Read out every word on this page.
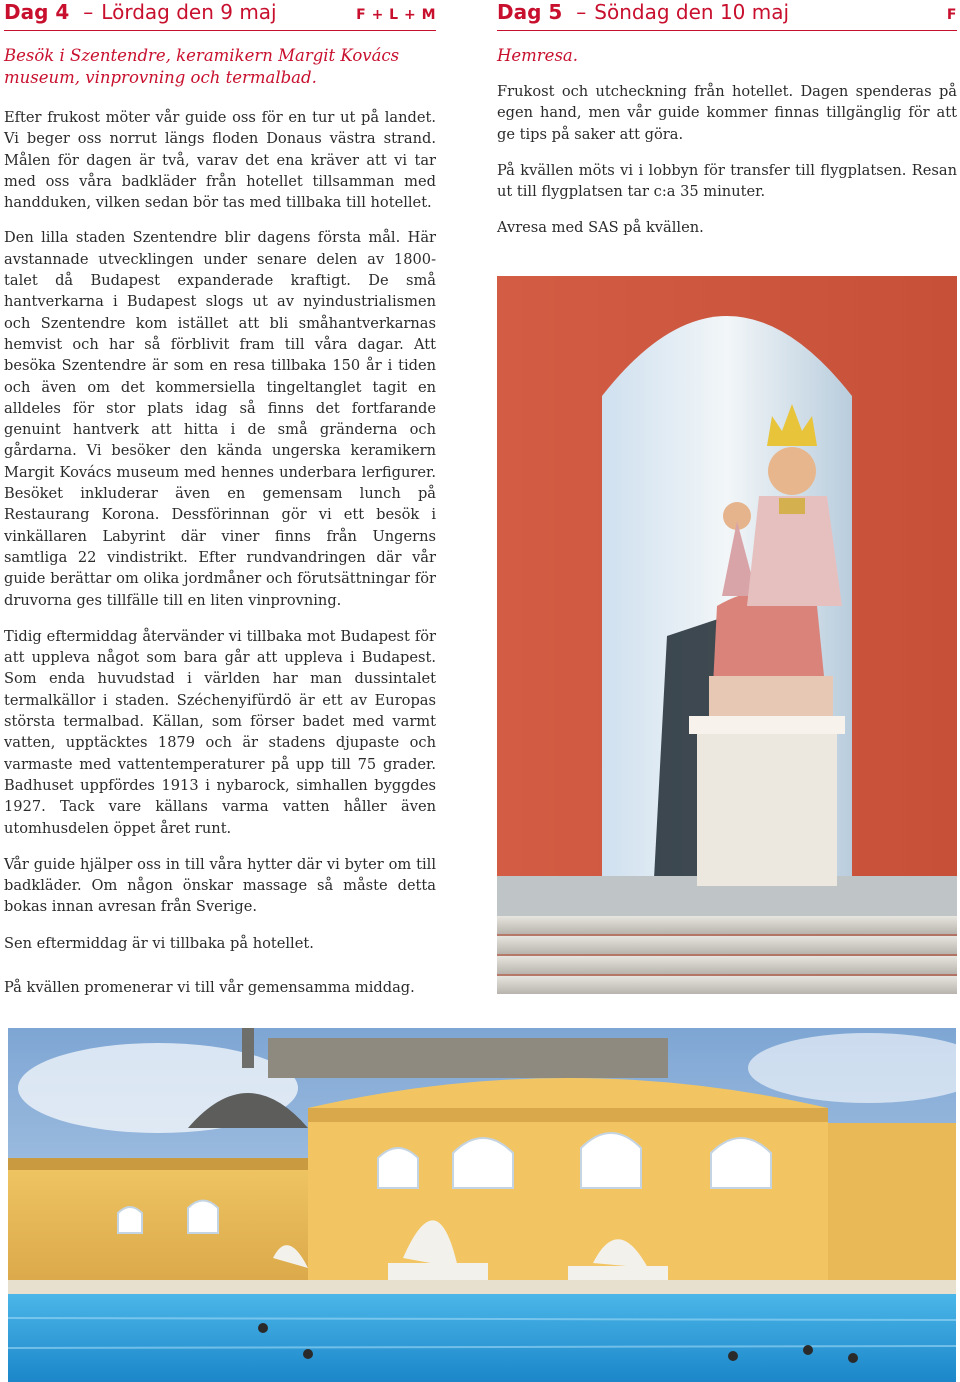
Dag 4 – Lördag den 9 maj	F + L + M

Besök i Szentendre, keramikern Margit Kovács museum, vinprovning och termalbad.

Efter frukost möter vår guide oss för en tur ut på landet. Vi beger oss norrut längs floden Donaus västra strand. Målen för dagen är två, varav det ena kräver att vi tar med oss våra badkläder från hotellet tillsamman med handduken, vilken sedan bör tas med tillbaka till hotellet.

Den lilla staden Szentendre blir dagens första mål. Här avstannade utvecklingen under senare delen av 1800-talet då Budapest expanderade kraftigt. De små hantverkarna i Budapest slogs ut av nyindustrialismen och Szentendre kom istället att bli småhantverkarnas hemvist och har så förblivit fram till våra dagar. Att besöka Szentendre är som en resa tillbaka 150 år i tiden och även om det kommersiella tingeltanglet tagit en alldeles för stor plats idag så finns det fortfarande genuint hantverk att hitta i de små gränderna och gårdarna. Vi besöker den kända ungerska keramikern Margit Kovács museum med hennes underbara lerfigurer. Besöket inkluderar även en gemensam lunch på Restaurang Korona. Dessförinnan gör vi ett besök i vinkällaren Labyrint där viner finns från Ungerns samtliga 22 vindistrikt. Efter rundvandringen där vår guide berättar om olika jordmåner och förutsättningar för druvorna ges tillfälle till en liten vinprovning.

Tidig eftermiddag återvänder vi tillbaka mot Budapest för att uppleva något som bara går att uppleva i Budapest. Som enda huvudstad i världen har man dussintalet termalkällor i staden. Széchenyifürdö är ett av Europas största termalbad. Källan, som förser badet med varmt vatten, upptäcktes 1879 och är stadens djupaste och varmaste med vattentemperaturer på upp till 75 grader. Badhuset uppfördes 1913 i nybarock, simhallen byggdes 1927. Tack vare källans varma vatten håller även utomhusdelen öppet året runt.

Vår guide hjälper oss in till våra hytter där vi byter om till badkläder. Om någon önskar massage så måste detta bokas innan avresan från Sverige.

Sen eftermiddag är vi tillbaka på hotellet.

På kvällen promenerar vi till vår gemensamma middag.

Dag 5 – Söndag den 10 maj	F

Hemresa.

Frukost och utcheckning från hotellet. Dagen spenderas på egen hand, men vår guide kommer finnas tillgänglig för att ge tips på saker att göra.

På kvällen möts vi i lobbyn för transfer till flygplatsen. Resan ut till flygplatsen tar c:a 35 minuter.

Avresa med SAS på kvällen.
